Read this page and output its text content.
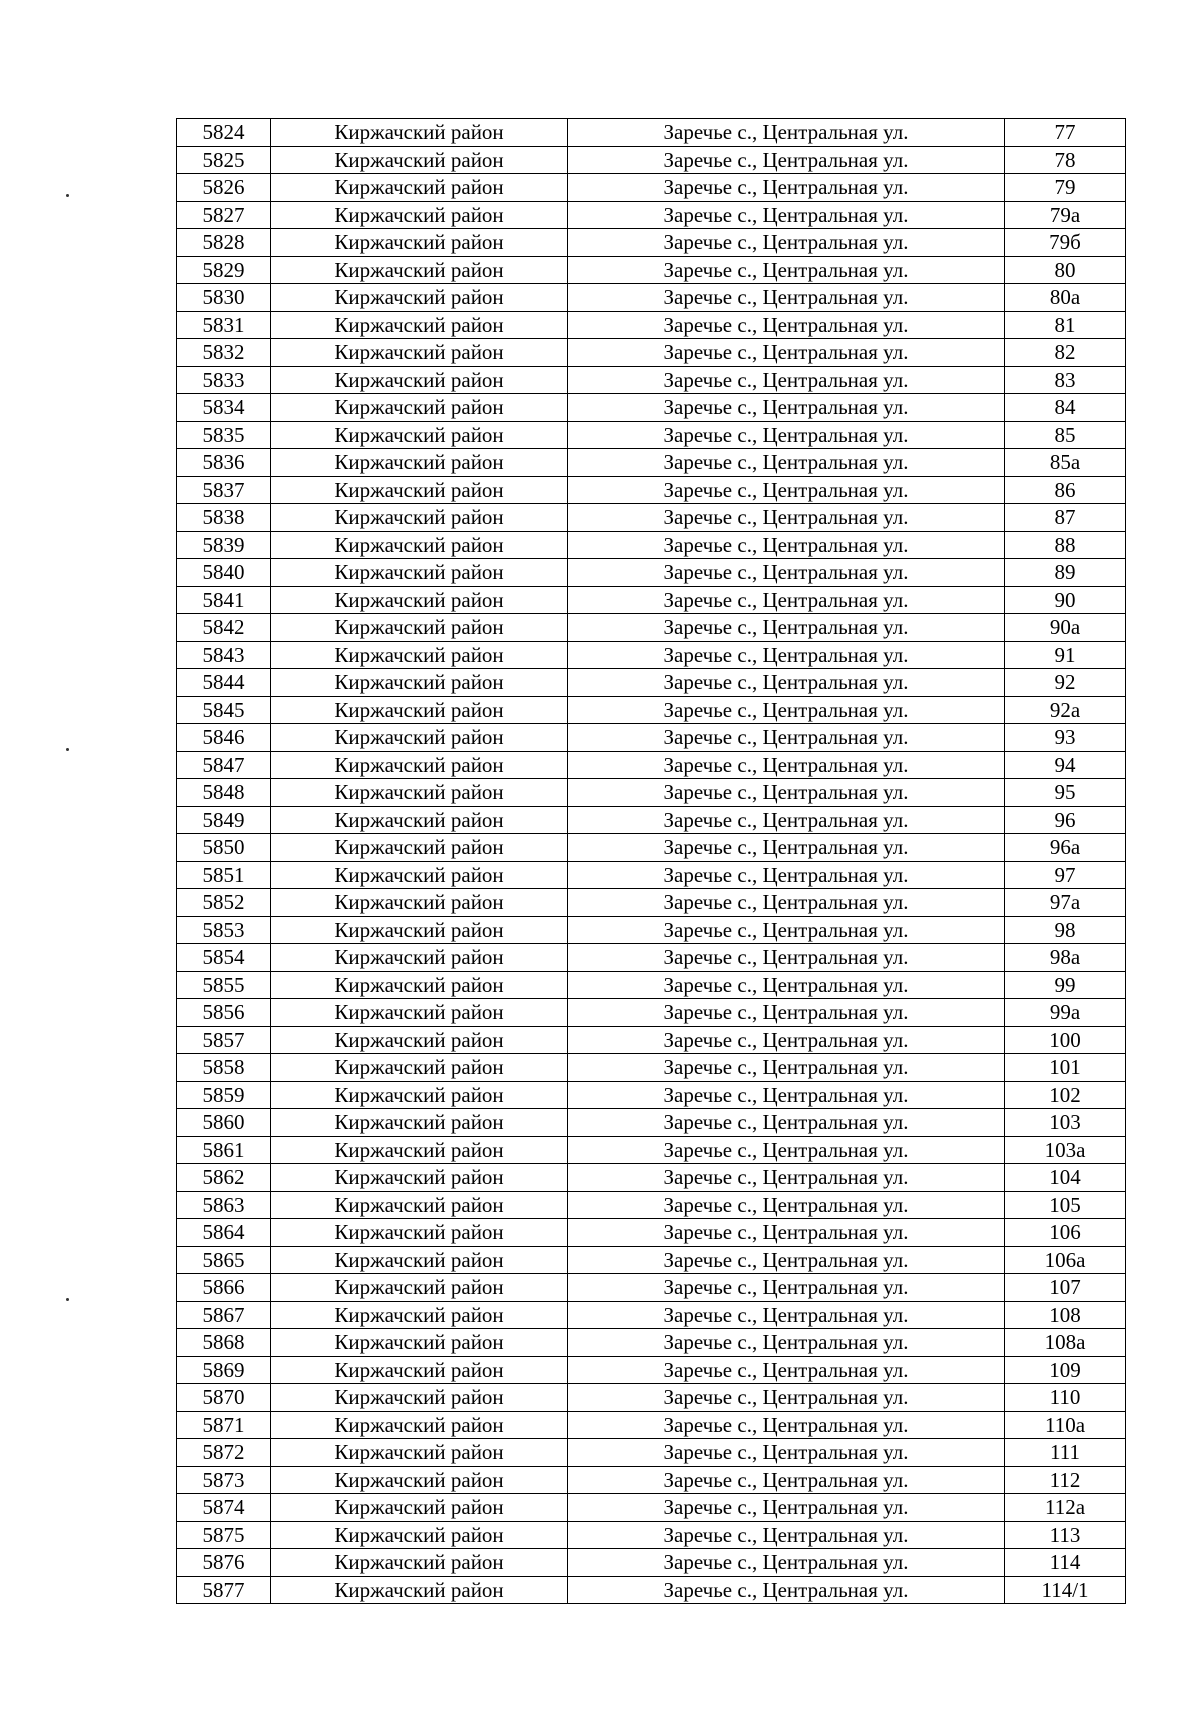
5824	Киржачский район	Заречье с., Центральная ул.	77
5825	Киржачский район	Заречье с., Центральная ул.	78
5826	Киржачский район	Заречье с., Центральная ул.	79
5827	Киржачский район	Заречье с., Центральная ул.	79а
5828	Киржачский район	Заречье с., Центральная ул.	79б
5829	Киржачский район	Заречье с., Центральная ул.	80
5830	Киржачский район	Заречье с., Центральная ул.	80а
5831	Киржачский район	Заречье с., Центральная ул.	81
5832	Киржачский район	Заречье с., Центральная ул.	82
5833	Киржачский район	Заречье с., Центральная ул.	83
5834	Киржачский район	Заречье с., Центральная ул.	84
5835	Киржачский район	Заречье с., Центральная ул.	85
5836	Киржачский район	Заречье с., Центральная ул.	85а
5837	Киржачский район	Заречье с., Центральная ул.	86
5838	Киржачский район	Заречье с., Центральная ул.	87
5839	Киржачский район	Заречье с., Центральная ул.	88
5840	Киржачский район	Заречье с., Центральная ул.	89
5841	Киржачский район	Заречье с., Центральная ул.	90
5842	Киржачский район	Заречье с., Центральная ул.	90а
5843	Киржачский район	Заречье с., Центральная ул.	91
5844	Киржачский район	Заречье с., Центральная ул.	92
5845	Киржачский район	Заречье с., Центральная ул.	92а
5846	Киржачский район	Заречье с., Центральная ул.	93
5847	Киржачский район	Заречье с., Центральная ул.	94
5848	Киржачский район	Заречье с., Центральная ул.	95
5849	Киржачский район	Заречье с., Центральная ул.	96
5850	Киржачский район	Заречье с., Центральная ул.	96а
5851	Киржачский район	Заречье с., Центральная ул.	97
5852	Киржачский район	Заречье с., Центральная ул.	97а
5853	Киржачский район	Заречье с., Центральная ул.	98
5854	Киржачский район	Заречье с., Центральная ул.	98а
5855	Киржачский район	Заречье с., Центральная ул.	99
5856	Киржачский район	Заречье с., Центральная ул.	99а
5857	Киржачский район	Заречье с., Центральная ул.	100
5858	Киржачский район	Заречье с., Центральная ул.	101
5859	Киржачский район	Заречье с., Центральная ул.	102
5860	Киржачский район	Заречье с., Центральная ул.	103
5861	Киржачский район	Заречье с., Центральная ул.	103а
5862	Киржачский район	Заречье с., Центральная ул.	104
5863	Киржачский район	Заречье с., Центральная ул.	105
5864	Киржачский район	Заречье с., Центральная ул.	106
5865	Киржачский район	Заречье с., Центральная ул.	106а
5866	Киржачский район	Заречье с., Центральная ул.	107
5867	Киржачский район	Заречье с., Центральная ул.	108
5868	Киржачский район	Заречье с., Центральная ул.	108а
5869	Киржачский район	Заречье с., Центральная ул.	109
5870	Киржачский район	Заречье с., Центральная ул.	110
5871	Киржачский район	Заречье с., Центральная ул.	110а
5872	Киржачский район	Заречье с., Центральная ул.	111
5873	Киржачский район	Заречье с., Центральная ул.	112
5874	Киржачский район	Заречье с., Центральная ул.	112а
5875	Киржачский район	Заречье с., Центральная ул.	113
5876	Киржачский район	Заречье с., Центральная ул.	114
5877	Киржачский район	Заречье с., Центральная ул.	114/1
